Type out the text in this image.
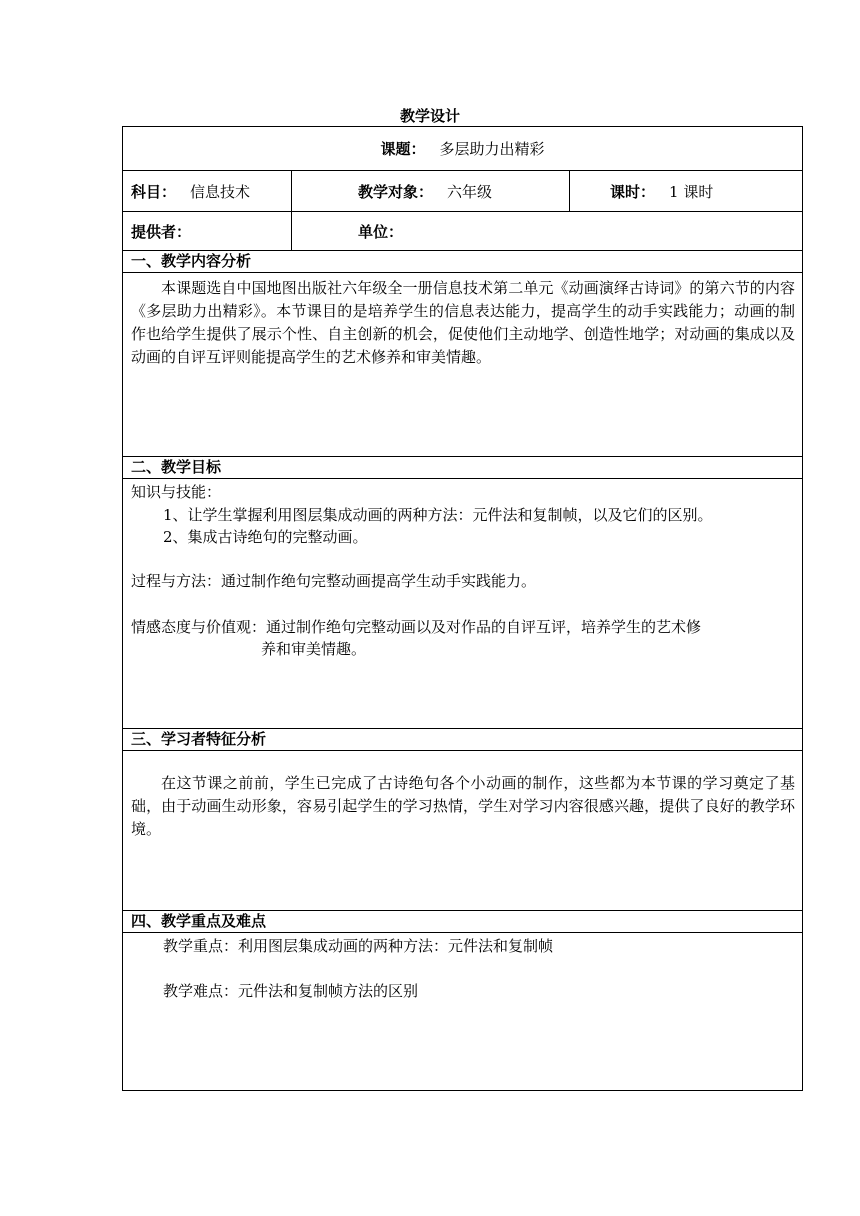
教学设计
课题： 多层助力出精彩
科目： 信息技术	教学对象： 六年级	课时： 1 课时
提供者：	单位：
一、教学内容分析
本课题选自中国地图出版社六年级全一册信息技术第二单元《动画演绎古诗词》的第六节的内容《多层助力出精彩》。本节课目的是培养学生的信息表达能力，提高学生的动手实践能力；动画的制作也给学生提供了展示个性、自主创新的机会，促使他们主动地学、创造性地学；对动画的集成以及动画的自评互评则能提高学生的艺术修养和审美情趣。
二、教学目标
知识与技能：
1、让学生掌握利用图层集成动画的两种方法：元件法和复制帧，以及它们的区别。
2、集成古诗绝句的完整动画。
过程与方法：通过制作绝句完整动画提高学生动手实践能力。
情感态度与价值观：通过制作绝句完整动画以及对作品的自评互评，培养学生的艺术修
养和审美情趣。
三、学习者特征分析
在这节课之前前，学生已完成了古诗绝句各个小动画的制作，这些都为本节课的学习奠定了基础，由于动画生动形象，容易引起学生的学习热情，学生对学习内容很感兴趣，提供了良好的教学环境。
四、教学重点及难点
教学重点：利用图层集成动画的两种方法：元件法和复制帧
教学难点：元件法和复制帧方法的区别
